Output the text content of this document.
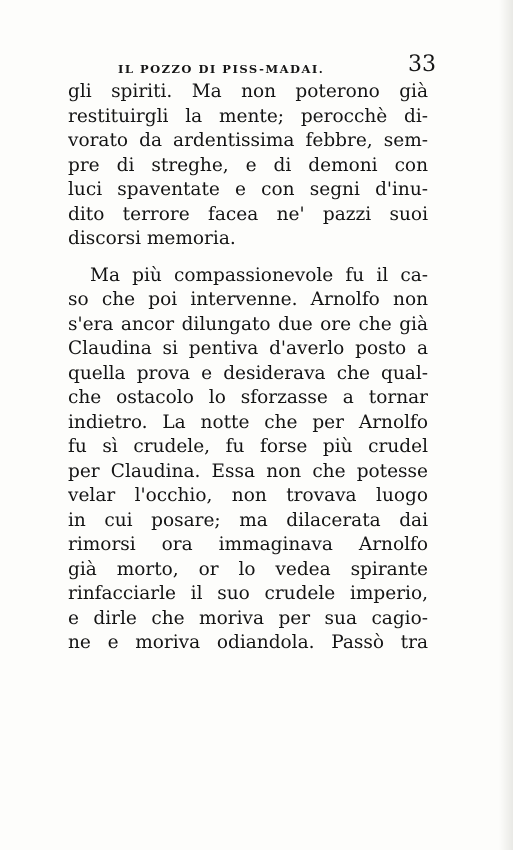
IL POZZO DI PISS-MADAI.	33
gli spiriti. Ma non poterono già
restituirgli la mente; perocchè di-
vorato da ardentissima febbre, sem-
pre di streghe, e di demoni con
luci spaventate e con segni d'inu-
dito terrore facea ne' pazzi suoi
discorsi memoria.
Ma più compassionevole fu il ca-
so che poi intervenne. Arnolfo non
s'era ancor dilungato due ore che già
Claudina si pentiva d'averlo posto a
quella prova e desiderava che qual-
che ostacolo lo sforzasse a tornar
indietro. La notte che per Arnolfo
fu sì crudele, fu forse più crudel
per Claudina. Essa non che potesse
velar l'occhio, non trovava luogo
in cui posare; ma dilacerata dai
rimorsi ora immaginava Arnolfo
già morto, or lo vedea spirante
rinfacciarle il suo crudele imperio,
e dirle che moriva per sua cagio-
ne e moriva odiandola. Passò tra
